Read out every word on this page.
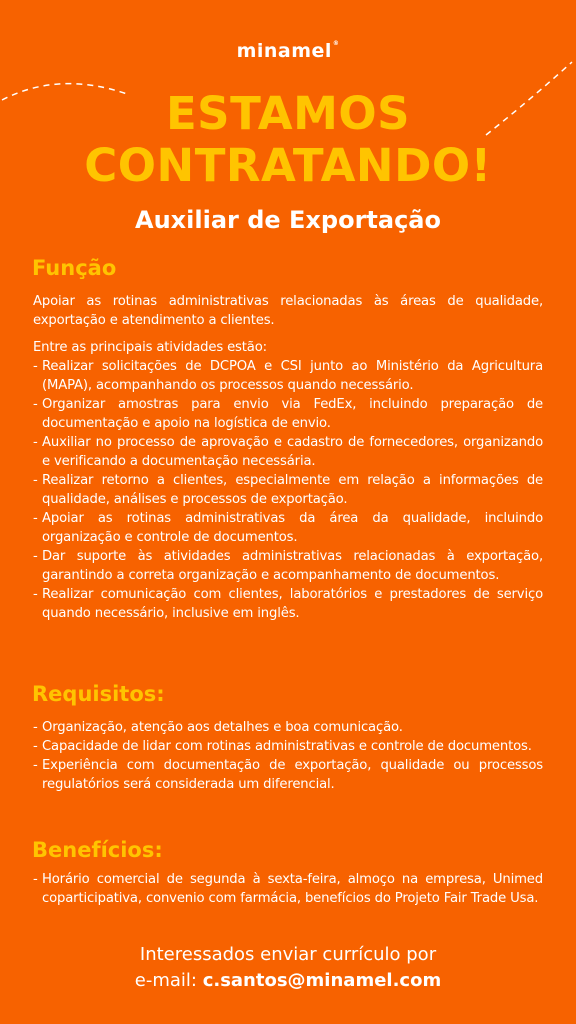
minamel®
ESTAMOS
CONTRATANDO!
Auxiliar de Exportação
Função

Apoiar as rotinas administrativas relacionadas às áreas de qualidade, exportação e atendimento a clientes.

Entre as principais atividades estão:
- Realizar solicitações de DCPOA e CSI junto ao Ministério da Agricultura (MAPA), acompanhando os processos quando necessário.
- Organizar amostras para envio via FedEx, incluindo preparação de documentação e apoio na logística de envio.
- Auxiliar no processo de aprovação e cadastro de fornecedores, organizando e verificando a documentação necessária.
- Realizar retorno a clientes, especialmente em relação a informações de qualidade, análises e processos de exportação.
- Apoiar as rotinas administrativas da área da qualidade, incluindo organização e controle de documentos.
- Dar suporte às atividades administrativas relacionadas à exportação, garantindo a correta organização e acompanhamento de documentos.
- Realizar comunicação com clientes, laboratórios e prestadores de serviço quando necessário, inclusive em inglês.
Requisitos:
- Organização, atenção aos detalhes e boa comunicação.
- Capacidade de lidar com rotinas administrativas e controle de documentos.
- Experiência com documentação de exportação, qualidade ou processos regulatórios será considerada um diferencial.
Benefícios:
- Horário comercial de segunda à sexta-feira, almoço na empresa, Unimed coparticipativa, convenio com farmácia, benefícios do Projeto Fair Trade Usa.
Interessados enviar currículo por
e-mail: c.santos@minamel.com
